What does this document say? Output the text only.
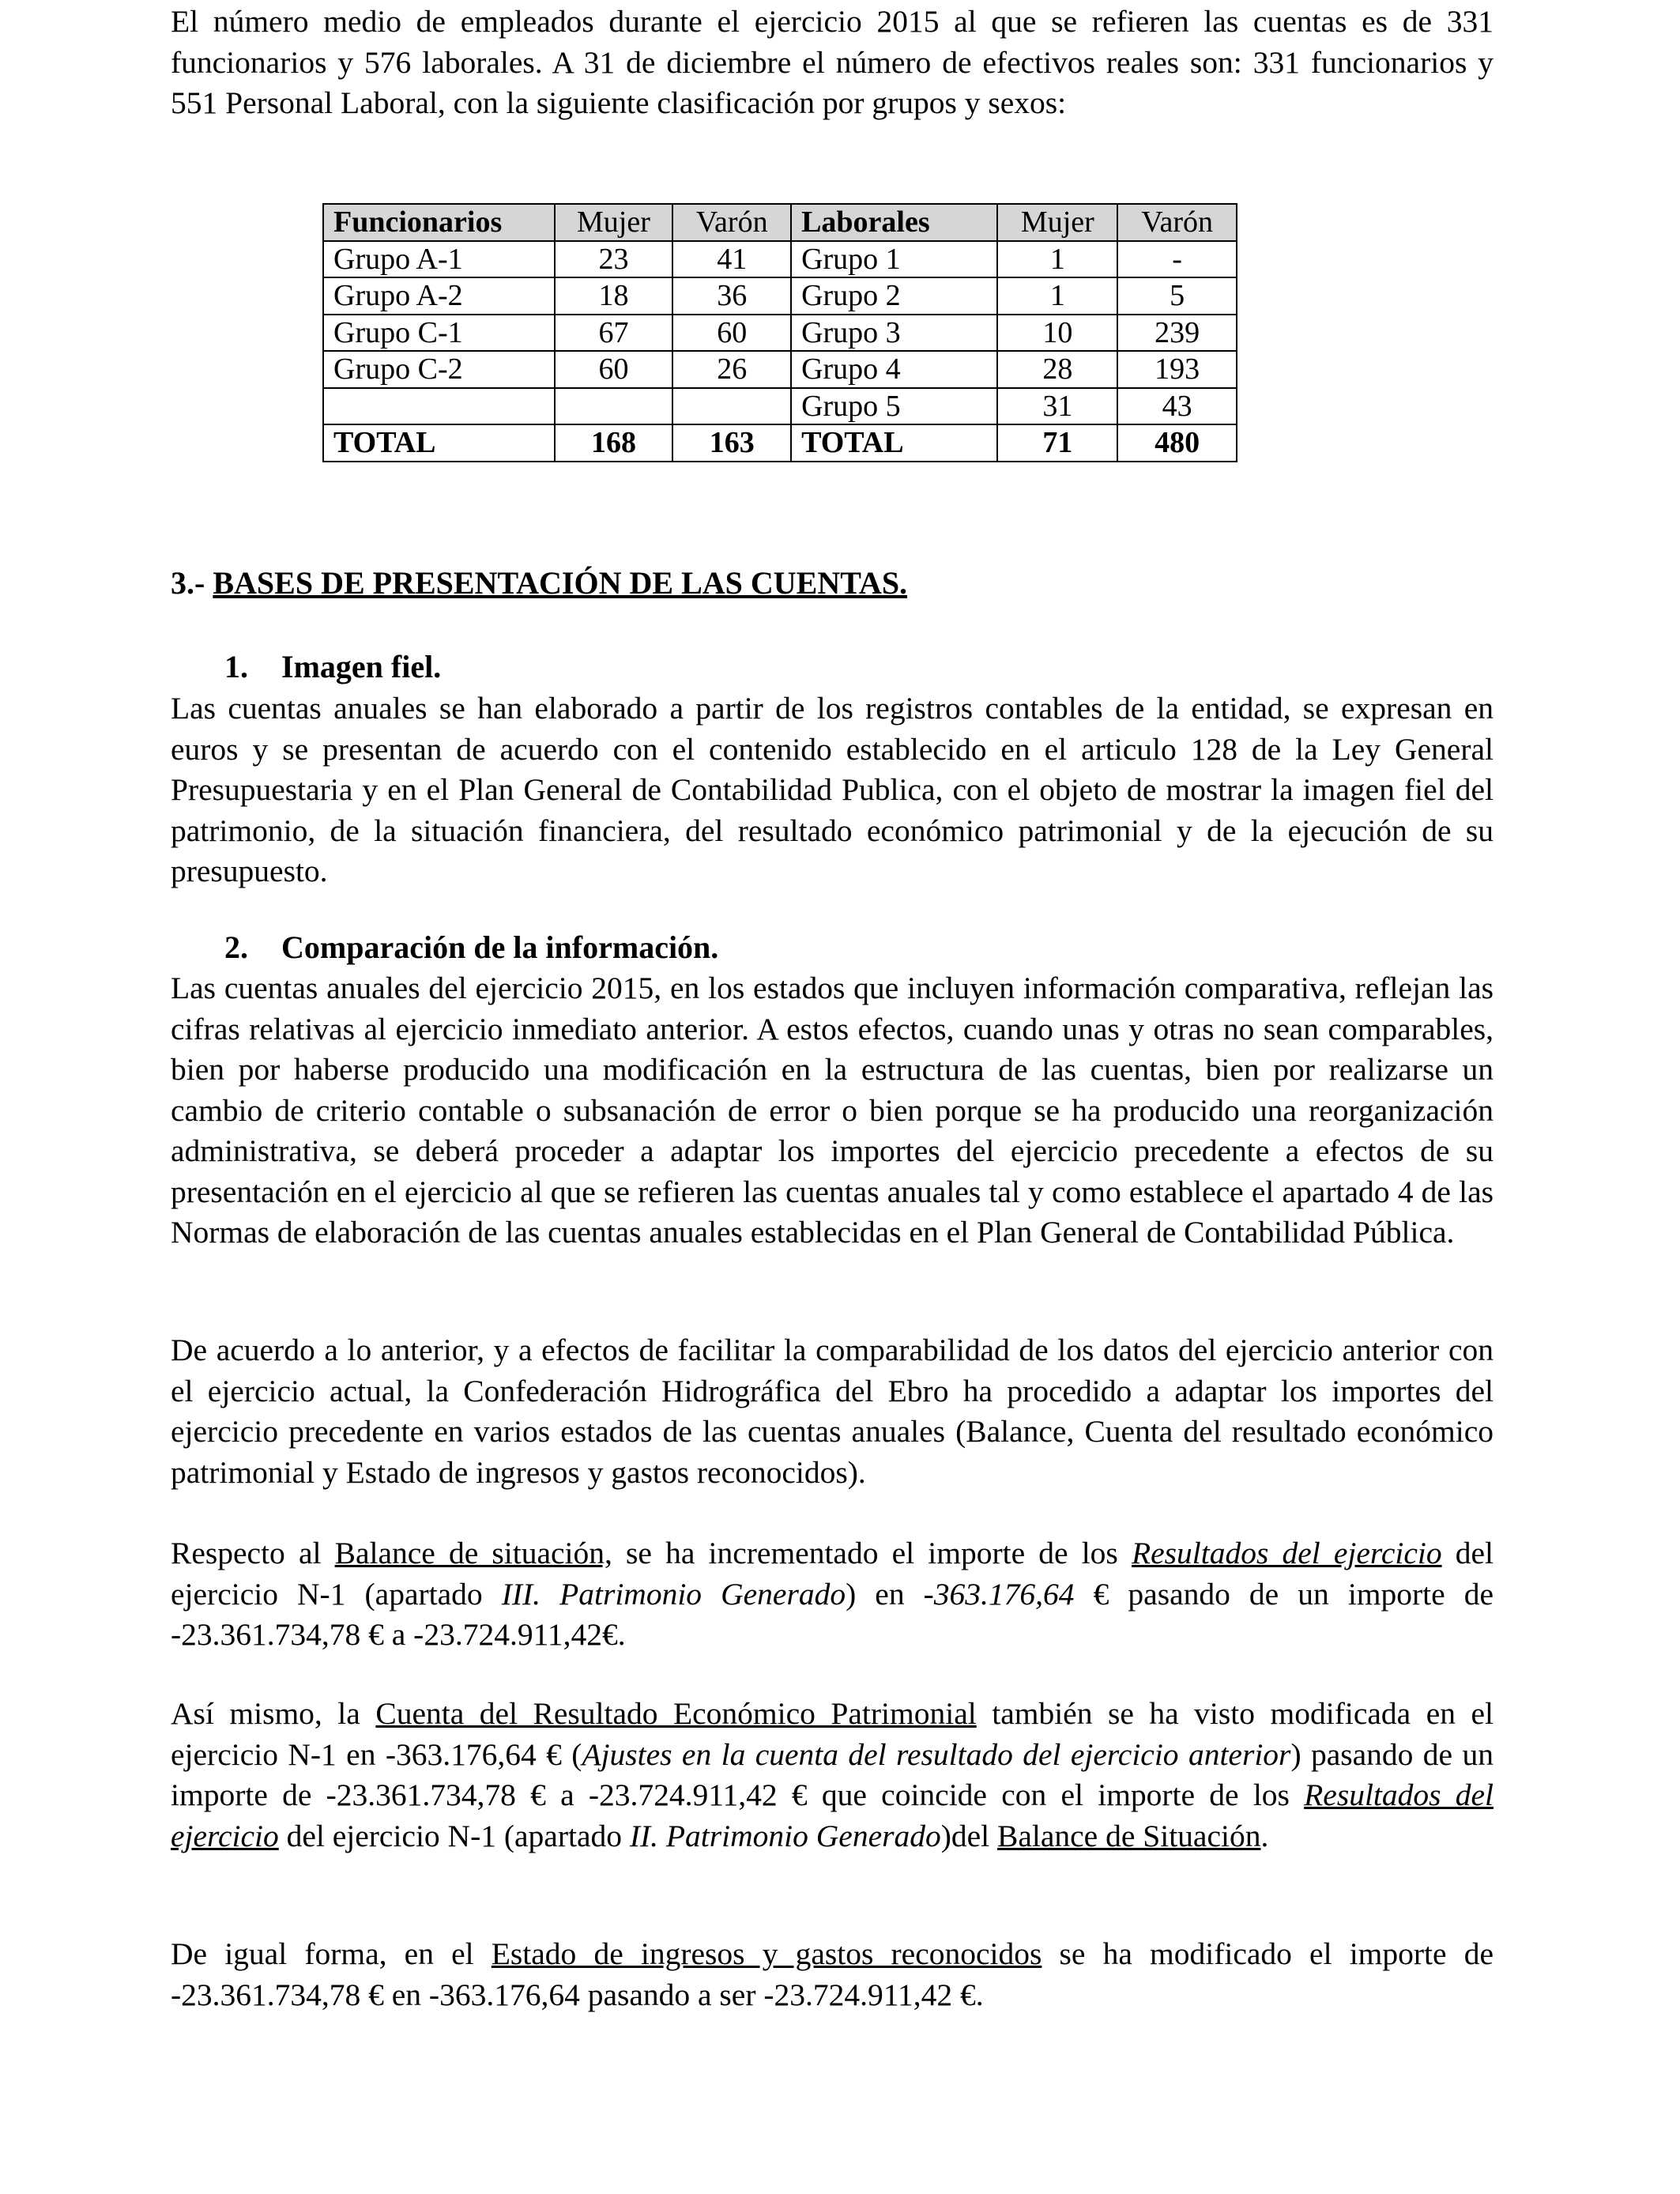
El número medio de empleados durante el ejercicio 2015 al que se refieren las cuentas es de 331 funcionarios y 576 laborales. A 31 de diciembre el número de efectivos reales son: 331 funcionarios y 551 Personal Laboral, con la siguiente clasificación por grupos y sexos:

Funcionarios	Mujer	Varón	Laborales	Mujer	Varón
Grupo A-1	23	41	Grupo 1	1	-
Grupo A-2	18	36	Grupo 2	1	5
Grupo C-1	67	60	Grupo 3	10	239
Grupo C-2	60	26	Grupo 4	28	193
			Grupo 5	31	43
TOTAL	168	163	TOTAL	71	480
3.- BASES DE PRESENTACIÓN DE LAS CUENTAS.
1. Imagen fiel.

Las cuentas anuales se han elaborado a partir de los registros contables de la entidad, se expresan en euros y se presentan de acuerdo con el contenido establecido en el articulo 128 de la Ley General Presupuestaria y en el Plan General de Contabilidad Publica, con el objeto de mostrar la imagen fiel del patrimonio, de la situación financiera, del resultado económico patrimonial y de la ejecución de su presupuesto.

2. Comparación de la información.

Las cuentas anuales del ejercicio 2015, en los estados que incluyen información comparativa, reflejan las cifras relativas al ejercicio inmediato anterior. A estos efectos, cuando unas y otras no sean comparables, bien por haberse producido una modificación en la estructura de las cuentas, bien por realizarse un cambio de criterio contable o subsanación de error o bien porque se ha producido una reorganización administrativa, se deberá proceder a adaptar los importes del ejercicio precedente a efectos de su presentación en el ejercicio al que se refieren las cuentas anuales tal y como establece el apartado 4 de las Normas de elaboración de las cuentas anuales establecidas en el Plan General de Contabilidad Pública.

De acuerdo a lo anterior, y a efectos de facilitar la comparabilidad de los datos del ejercicio anterior con el ejercicio actual, la Confederación Hidrográfica del Ebro ha procedido a adaptar los importes del ejercicio precedente en varios estados de las cuentas anuales (Balance, Cuenta del resultado económico patrimonial y Estado de ingresos y gastos reconocidos).

Respecto al Balance de situación, se ha incrementado el importe de los Resultados del ejercicio del ejercicio N-1 (apartado III. Patrimonio Generado) en -363.176,64 € pasando de un importe de -23.361.734,78 € a -23.724.911,42€.

Así mismo, la Cuenta del Resultado Económico Patrimonial también se ha visto modificada en el ejercicio N-1 en -363.176,64 € (Ajustes en la cuenta del resultado del ejercicio anterior) pasando de un importe de -23.361.734,78 € a -23.724.911,42 € que coincide con el importe de los Resultados del ejercicio del ejercicio N-1 (apartado II. Patrimonio Generado)del Balance de Situación.

De igual forma, en el Estado de ingresos y gastos reconocidos se ha modificado el importe de -23.361.734,78 € en -363.176,64 pasando a ser -23.724.911,42 €.
